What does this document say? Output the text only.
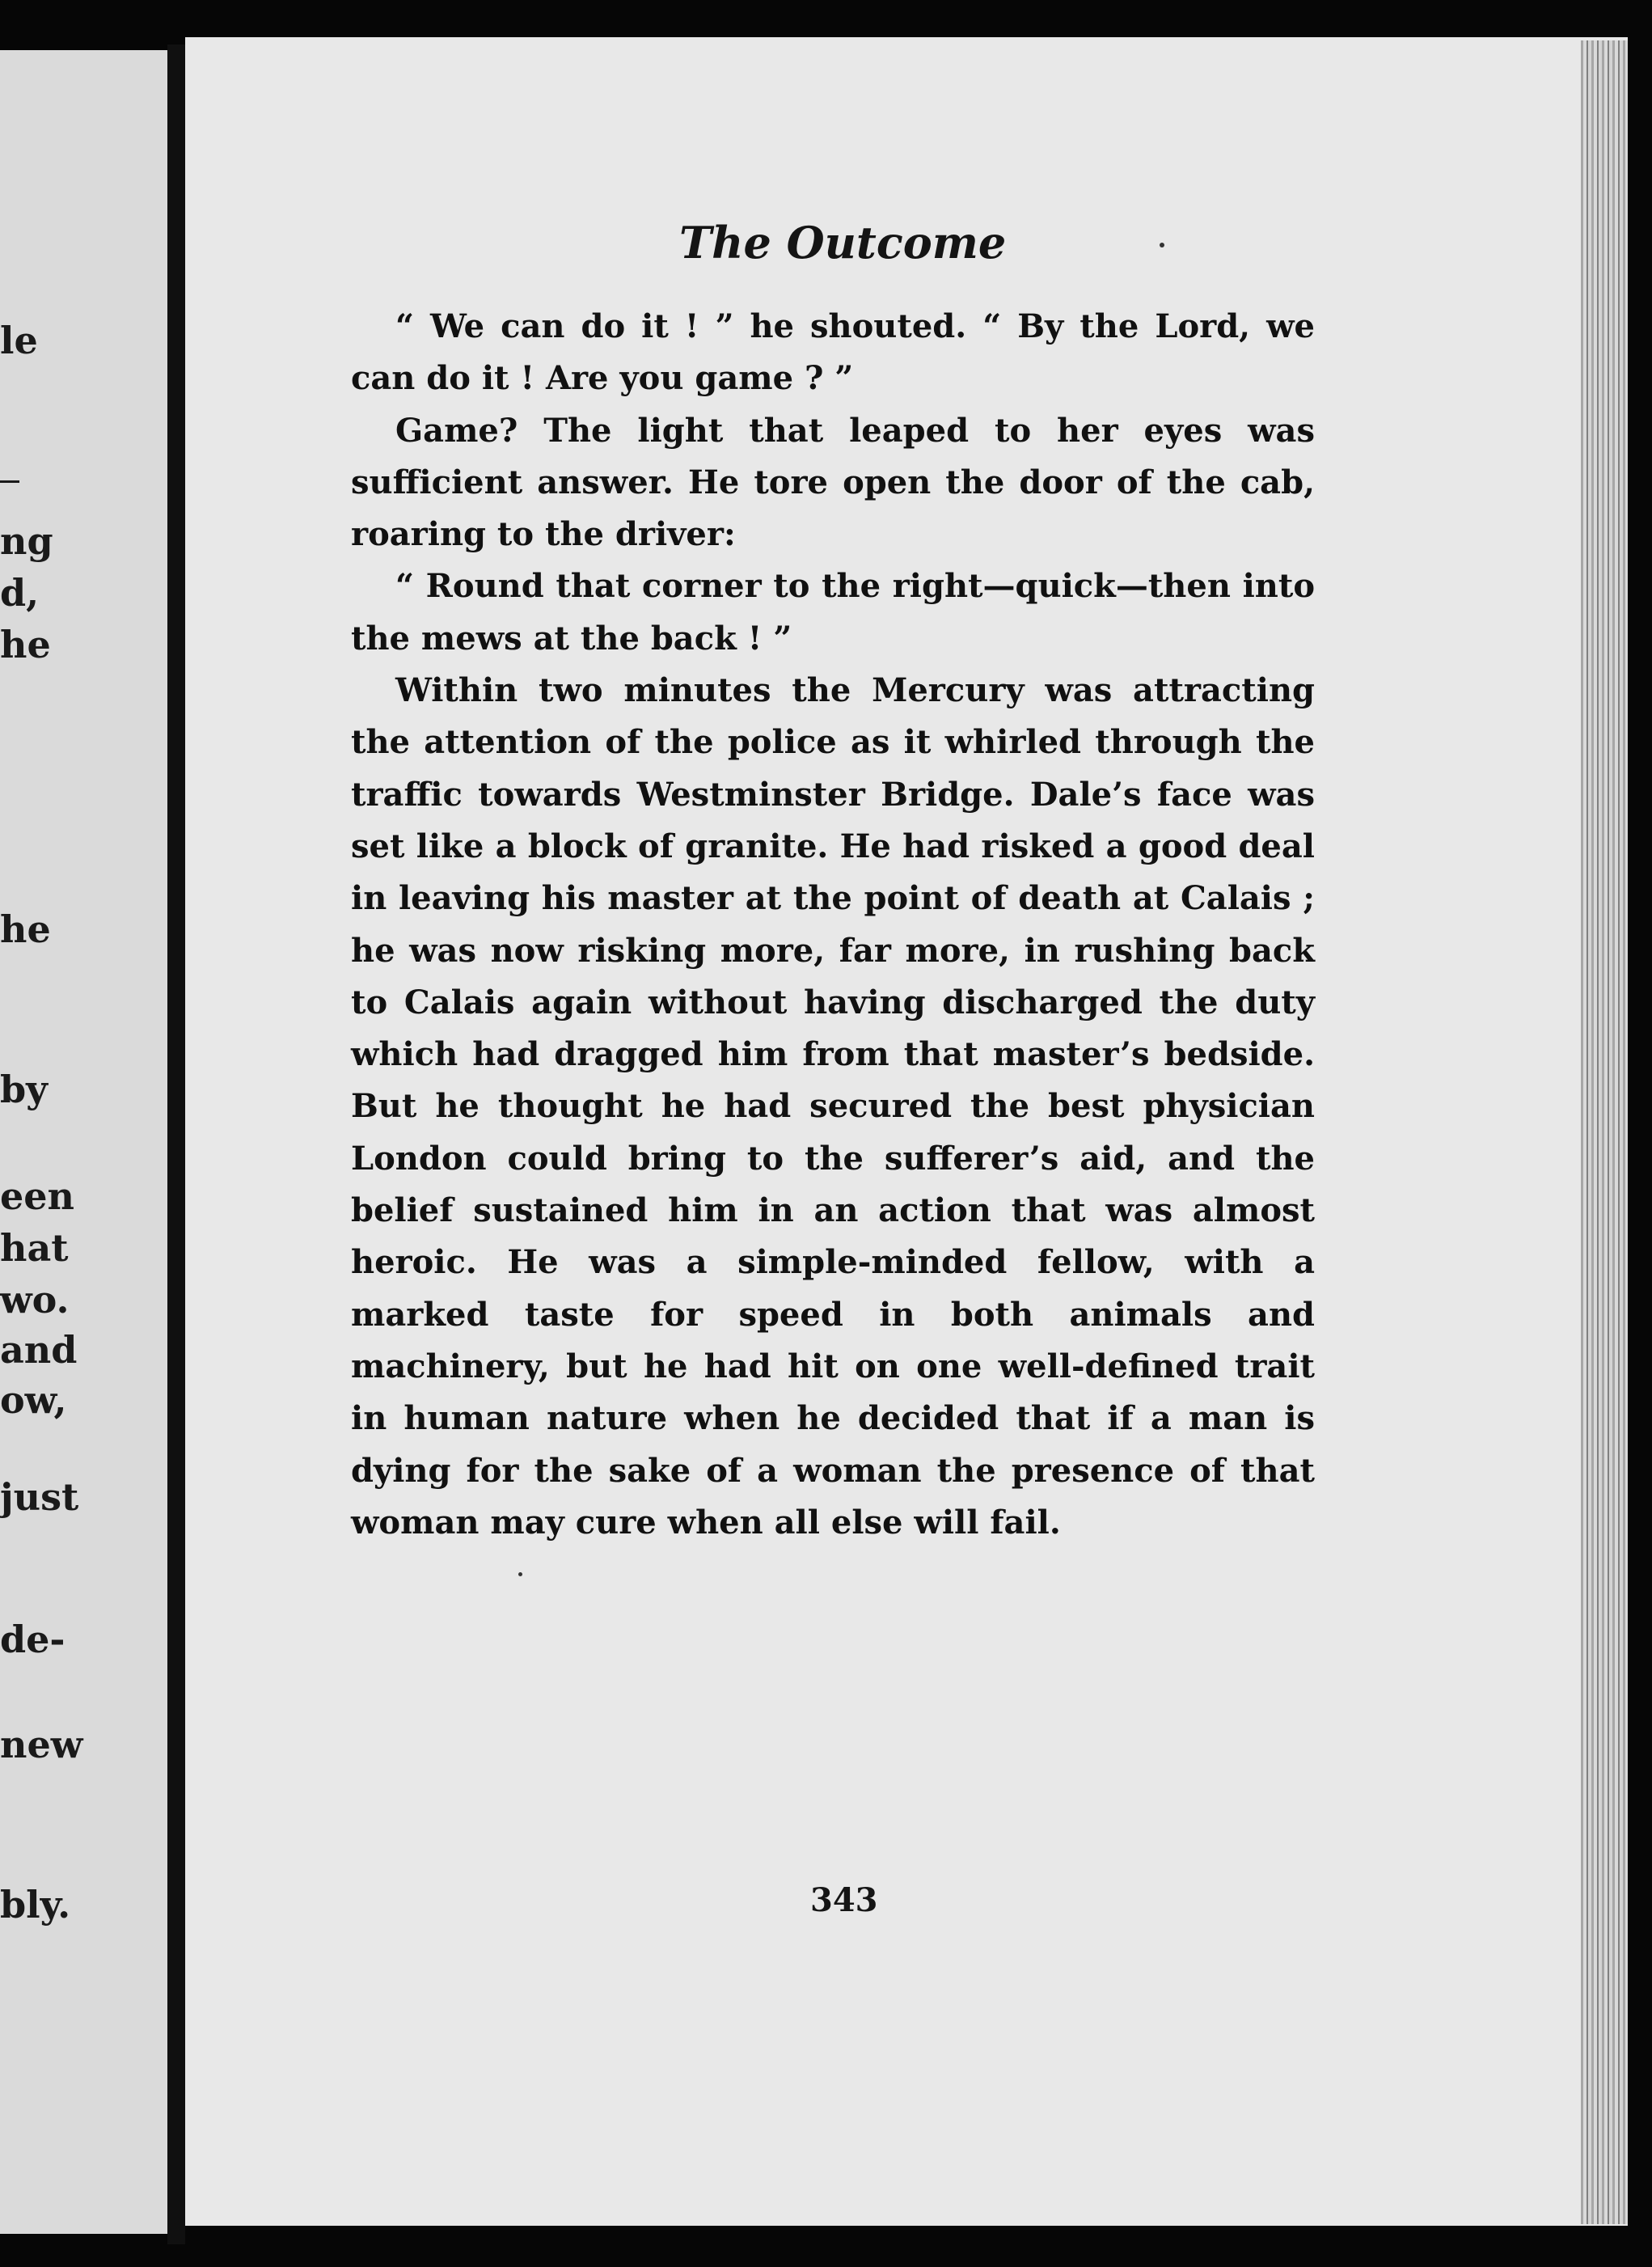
le
ng
d,
he
he
by
een
hat
wo.
and
ow,
just
de-
new
bly.
The Outcome

“ We can do it ! ” he shouted. “ By the Lord, we can do it ! Are you game ? ”

Game? The light that leaped to her eyes was sufficient answer. He tore open the door of the cab, roaring to the driver:

“ Round that corner to the right—quick—then into the mews at the back ! ”

Within two minutes the Mercury was attracting the attention of the police as it whirled through the traffic towards Westminster Bridge. Dale’s face was set like a block of granite. He had risked a good deal in leaving his master at the point of death at Calais ; he was now risking more, far more, in rushing back to Calais again without having discharged the duty which had dragged him from that master’s bedside. But he thought he had secured the best physician London could bring to the sufferer’s aid, and the belief sustained him in an action that was almost heroic. He was a simple-minded fellow, with a marked taste for speed in both animals and machinery, but he had hit on one well-defined trait in human nature when he decided that if a man is dying for the sake of a woman the presence of that woman may cure when all else will fail.

343
